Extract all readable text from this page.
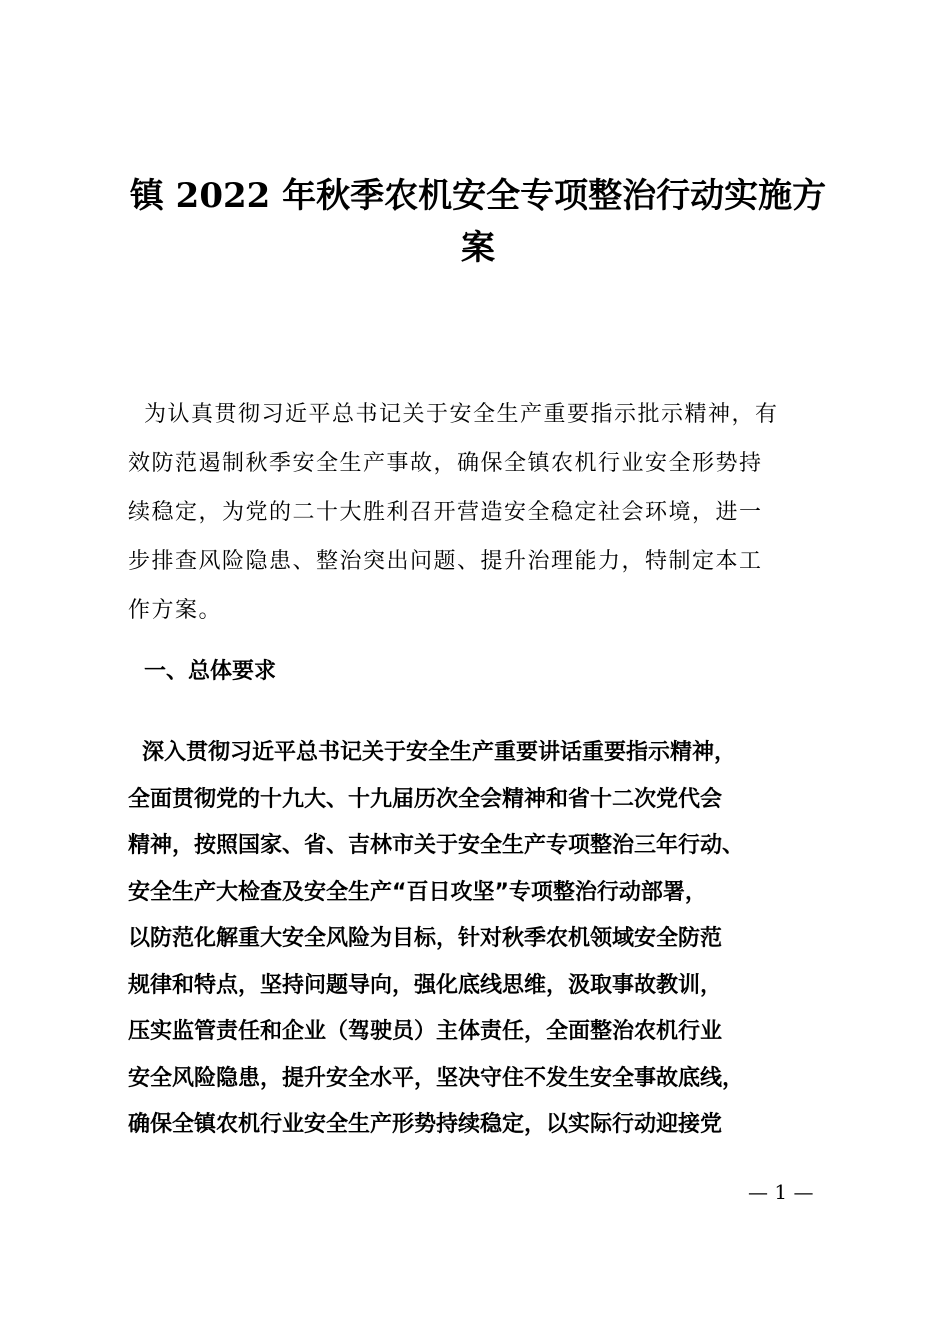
镇 2022 年秋季农机安全专项整治行动实施方
案

为认真贯彻习近平总书记关于安全生产重要指示批示精神，有
效防范遏制秋季安全生产事故，确保全镇农机行业安全形势持
续稳定，为党的二十大胜利召开营造安全稳定社会环境，进一
步排查风险隐患、整治突出问题、提升治理能力，特制定本工
作方案。

一、总体要求

深入贯彻习近平总书记关于安全生产重要讲话重要指示精神，
全面贯彻党的十九大、十九届历次全会精神和省十二次党代会
精神，按照国家、省、吉林市关于安全生产专项整治三年行动、
安全生产大检查及安全生产“百日攻坚”专项整治行动部署，
以防范化解重大安全风险为目标，针对秋季农机领域安全防范
规律和特点，坚持问题导向，强化底线思维，汲取事故教训，
压实监管责任和企业（驾驶员）主体责任，全面整治农机行业
安全风险隐患，提升安全水平，坚决守住不发生安全事故底线，
确保全镇农机行业安全生产形势持续稳定，以实际行动迎接党

— 1 —
